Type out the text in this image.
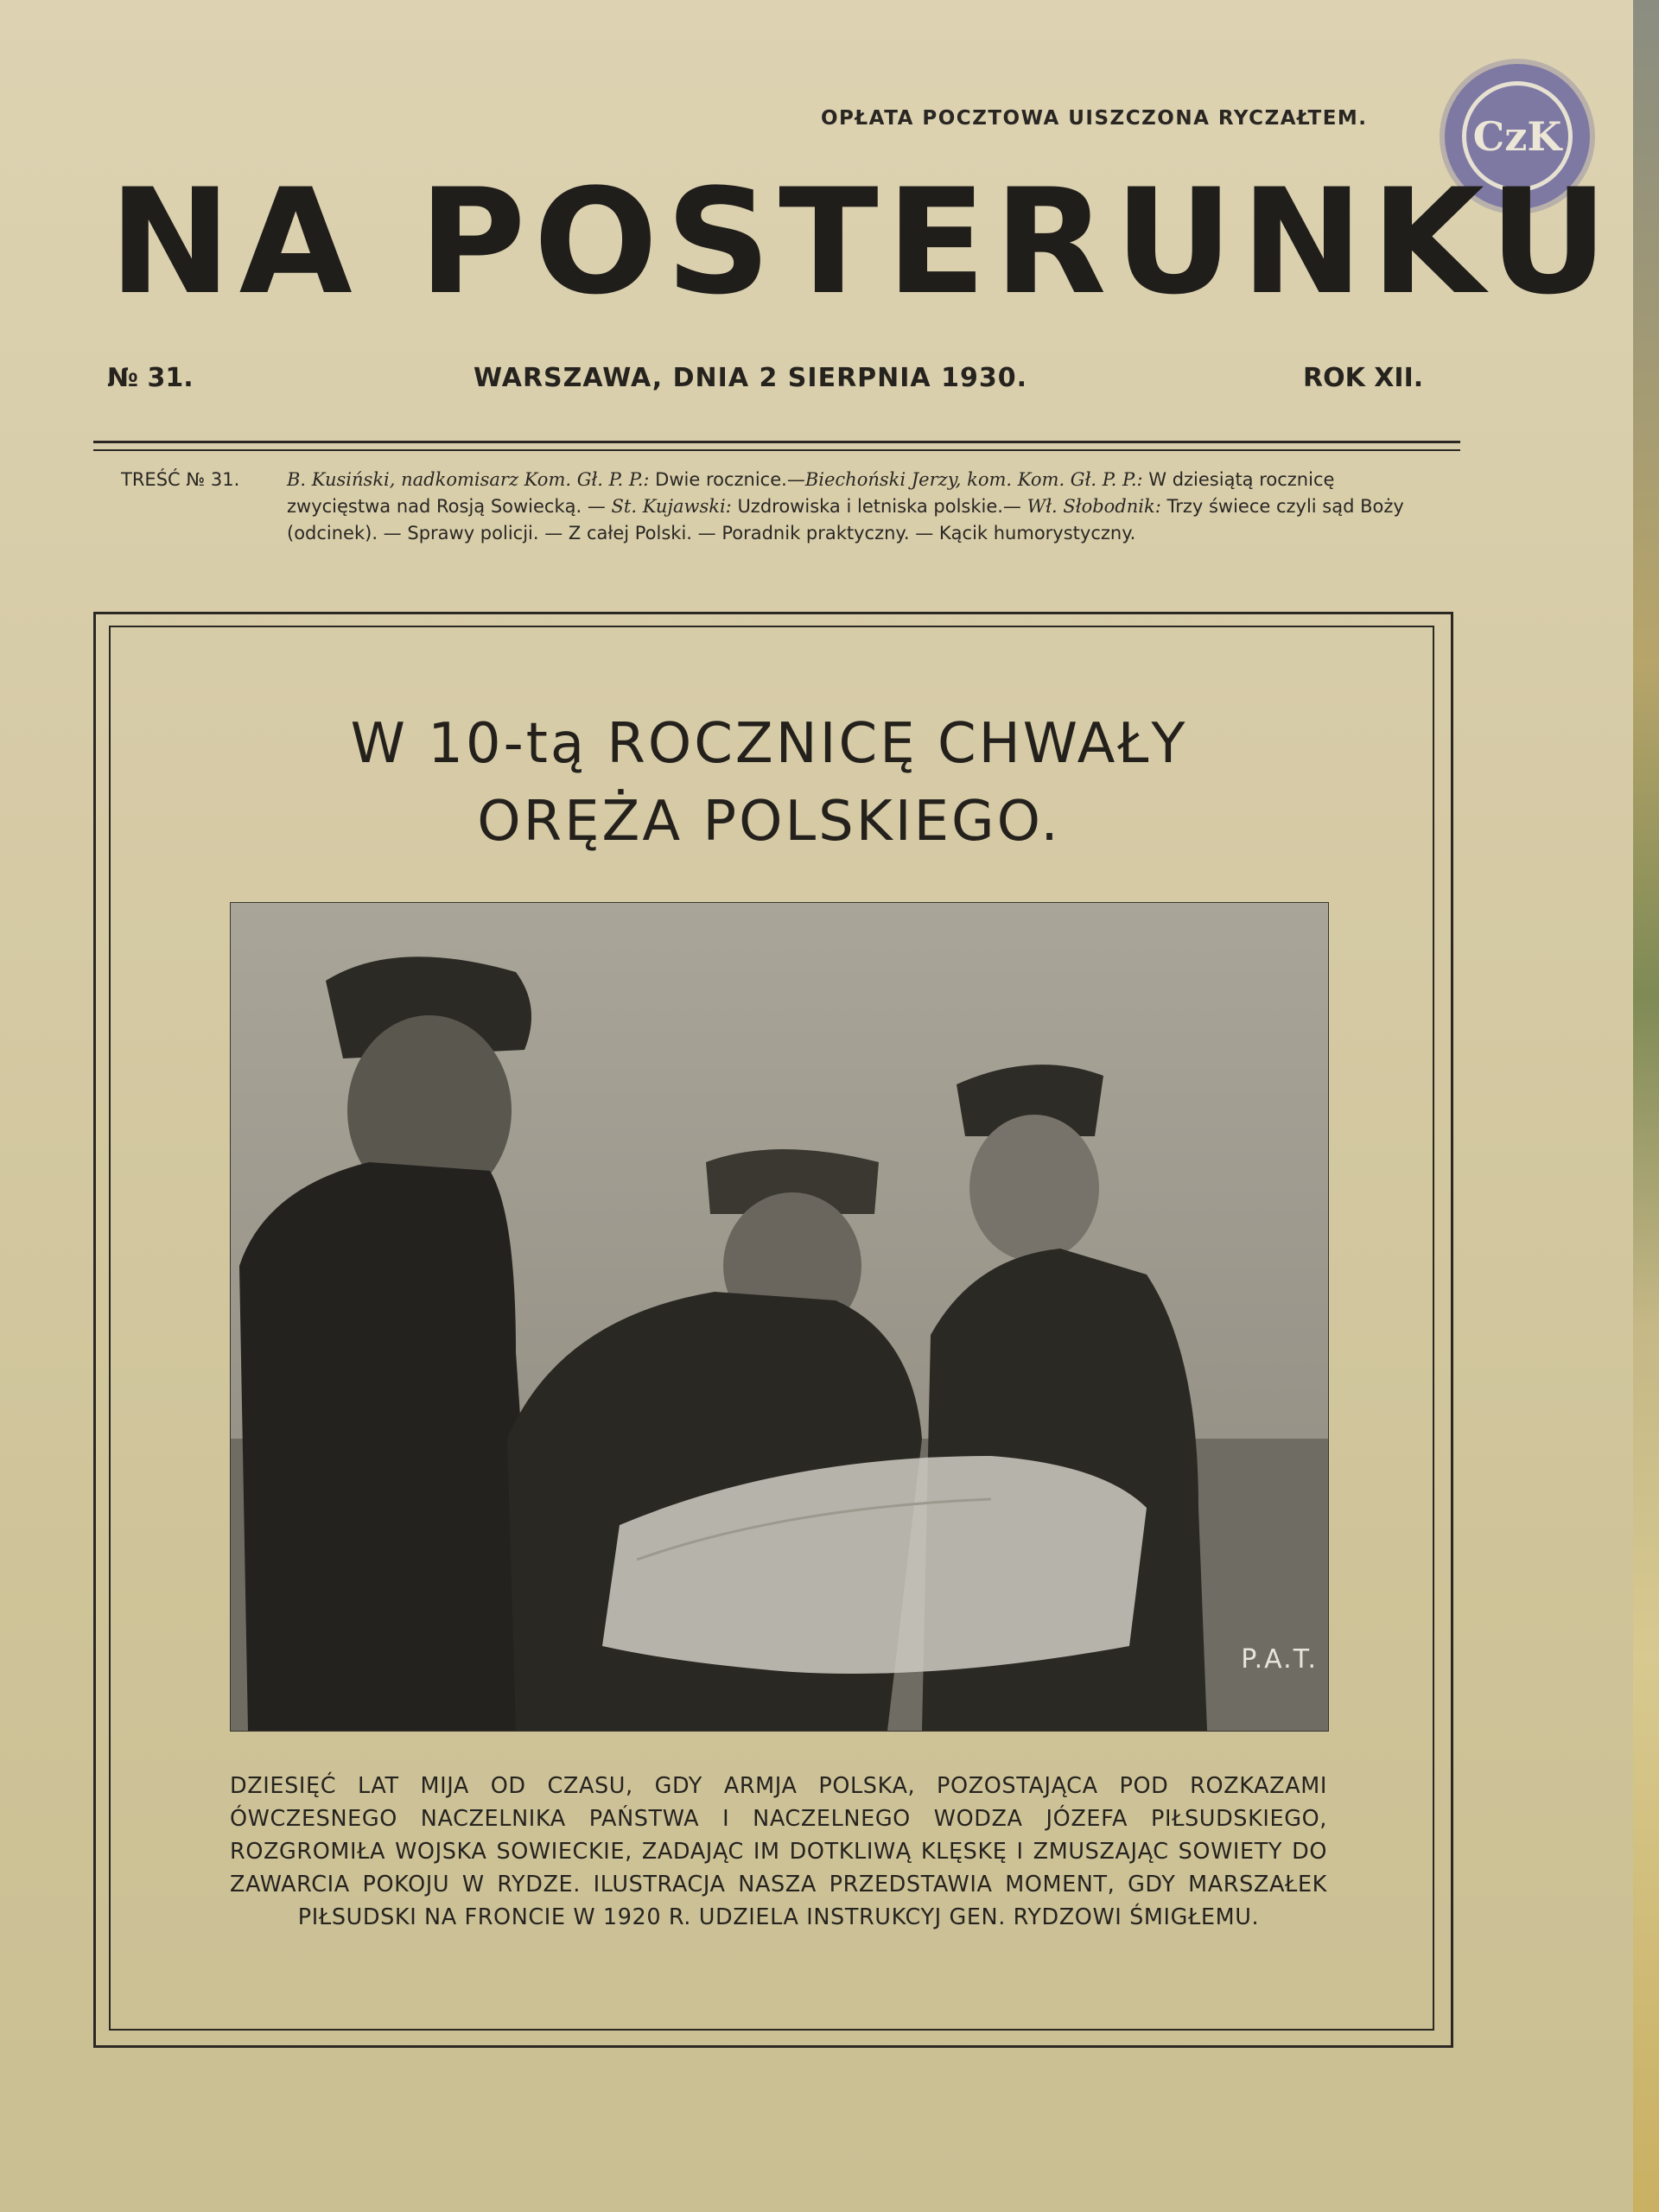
OPŁATA POCZTOWA UISZCZONA RYCZAŁTEM.	CzK
NA POSTERUNKU
№ 31.	WARSZAWA, DNIA 2 SIERPNIA 1930.	ROK XII.
TREŚĆ № 31.	B. Kusiński, nadkomisarz Kom. Gł. P. P.: Dwie rocznice.—Biechoński Jerzy, kom. Kom. Gł. P. P.: W dziesiątą rocznicę zwycięstwa nad Rosją Sowiecką. — St. Kujawski: Uzdrowiska i letniska polskie.— Wł. Słobodnik: Trzy świece czyli sąd Boży (odcinek). — Sprawy policji. — Z całej Polski. — Poradnik praktyczny. — Kącik humorystyczny.
W 10-tą ROCZNICĘ CHWAŁY
ORĘŻA POLSKIEGO.
P.A.T.
DZIESIĘĆ LAT MIJA OD CZASU, GDY ARMJA POLSKA, POZOSTAJĄCA POD ROZKAZAMI ÓWCZESNEGO NACZELNIKA PAŃSTWA I NACZELNEGO WODZA JÓZEFA PIŁSUDSKIEGO, ROZGROMIŁA WOJSKA SOWIECKIE, ZADAJĄC IM DOTKLIWĄ KLĘSKĘ I ZMUSZAJĄC SOWIETY DO ZAWARCIA POKOJU W RYDZE. ILUSTRACJA NASZA PRZEDSTAWIA MOMENT, GDY MARSZAŁEK PIŁSUDSKI NA FRONCIE W 1920 R. UDZIELA INSTRUKCYJ GEN. RYDZOWI ŚMIGŁEMU.
